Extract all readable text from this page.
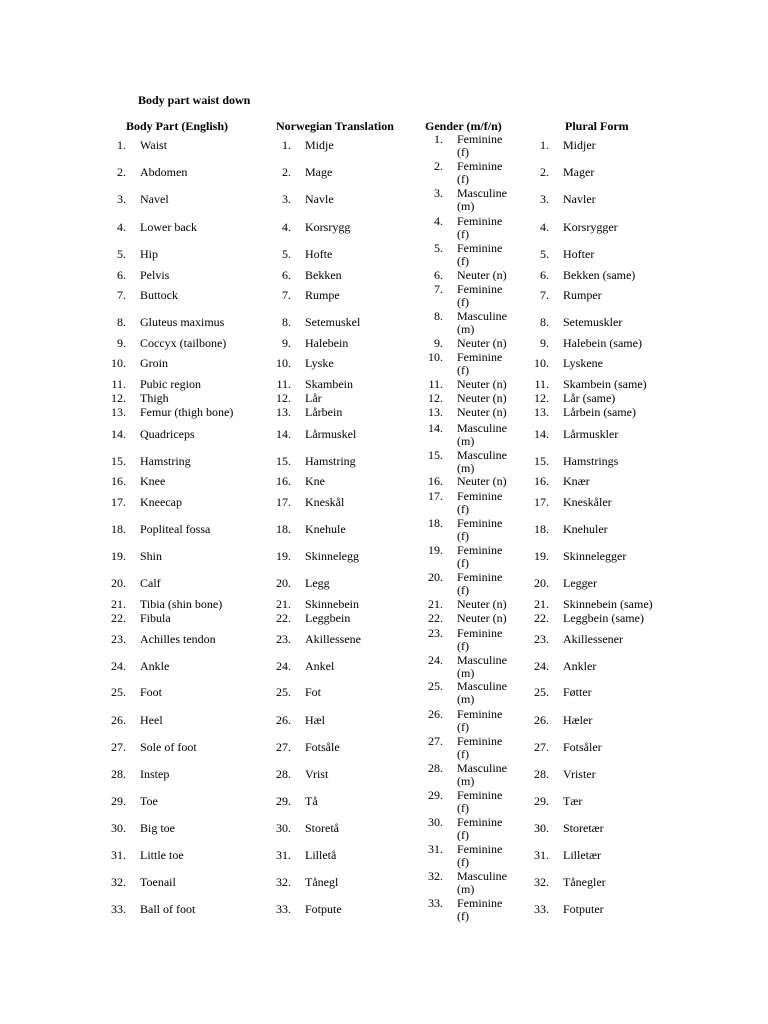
Body part waist down
Body Part (English)	Norwegian Translation	Gender (m/f/n)	Plural Form
1. Waist	1. Midje	1. Feminine (f)	1. Midjer
2. Abdomen	2. Mage	2. Feminine (f)	2. Mager
3. Navel	3. Navle	3. Masculine (m)	3. Navler
4. Lower back	4. Korsrygg	4. Feminine (f)	4. Korsrygger
5. Hip	5. Hofte	5. Feminine (f)	5. Hofter
6. Pelvis	6. Bekken	6. Neuter (n)	6. Bekken (same)
7. Buttock	7. Rumpe	7. Feminine (f)	7. Rumper
8. Gluteus maximus	8. Setemuskel	8. Masculine (m)	8. Setemuskler
9. Coccyx (tailbone)	9. Halebein	9. Neuter (n)	9. Halebein (same)
10. Groin	10. Lyske	10. Feminine (f)	10. Lyskene
11. Pubic region	11. Skambein	11. Neuter (n)	11. Skambein (same)
12. Thigh	12. Lår	12. Neuter (n)	12. Lår (same)
13. Femur (thigh bone)	13. Lårbein	13. Neuter (n)	13. Lårbein (same)
14. Quadriceps	14. Lårmuskel	14. Masculine (m)	14. Lårmuskler
15. Hamstring	15. Hamstring	15. Masculine (m)	15. Hamstrings
16. Knee	16. Kne	16. Neuter (n)	16. Knær
17. Kneecap	17. Kneskål	17. Feminine (f)	17. Kneskåler
18. Popliteal fossa	18. Knehule	18. Feminine (f)	18. Knehuler
19. Shin	19. Skinnelegg	19. Feminine (f)	19. Skinnelegger
20. Calf	20. Legg	20. Feminine (f)	20. Legger
21. Tibia (shin bone)	21. Skinnebein	21. Neuter (n)	21. Skinnebein (same)
22. Fibula	22. Leggbein	22. Neuter (n)	22. Leggbein (same)
23. Achilles tendon	23. Akillessene	23. Feminine (f)	23. Akillessener
24. Ankle	24. Ankel	24. Masculine (m)	24. Ankler
25. Foot	25. Fot	25. Masculine (m)	25. Føtter
26. Heel	26. Hæl	26. Feminine (f)	26. Hæler
27. Sole of foot	27. Fotsåle	27. Feminine (f)	27. Fotsåler
28. Instep	28. Vrist	28. Masculine (m)	28. Vrister
29. Toe	29. Tå	29. Feminine (f)	29. Tær
30. Big toe	30. Storetå	30. Feminine (f)	30. Storetær
31. Little toe	31. Lilletå	31. Feminine (f)	31. Lilletær
32. Toenail	32. Tånegl	32. Masculine (m)	32. Tånegler
33. Ball of foot	33. Fotpute	33. Feminine (f)	33. Fotputer
